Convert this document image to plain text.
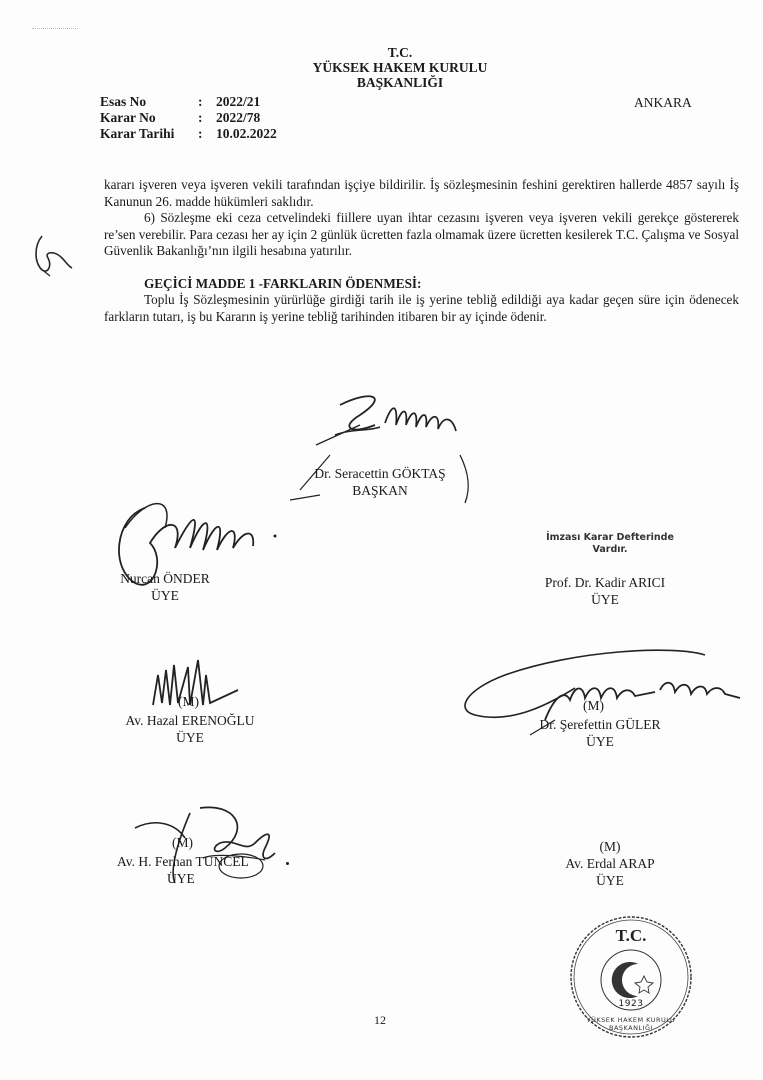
T.C.
YÜKSEK HAKEM KURULU
BAŞKANLIĞI
ANKARA
Esas No	: 2022/21
Karar No	: 2022/78
Karar Tarihi : 10.02.2022

kararı işveren veya işveren vekili tarafından işçiye bildirilir. İş sözleşmesinin feshini gerektiren hallerde 4857 sayılı İş Kanunun 26. madde hükümleri saklıdır.

6) Sözleşme eki ceza cetvelindeki fiillere uyan ihtar cezasını işveren veya işveren vekili gerekçe göstererek re’sen verebilir. Para cezası her ay için 2 günlük ücretten fazla olmamak üzere ücretten kesilerek T.C. Çalışma ve Sosyal Güvenlik Bakanlığı’nın ilgili hesabına yatırılır.

GEÇİCİ MADDE 1 -FARKLARIN ÖDENMESİ:

Toplu İş Sözleşmesinin yürürlüğe girdiği tarih ile iş yerine tebliğ edildiği aya kadar geçen süre için ödenecek farkların tutarı, iş bu Kararın iş yerine tebliğ tarihinden itibaren bir ay içinde ödenir.

Dr. Seracettin GÖKTAŞ
BAŞKAN
Nurcan ÖNDER
ÜYE
İmzası Karar Defterinde Vardır.
Prof. Dr. Kadir ARICI
ÜYE
(M)
Av. Hazal ERENOĞLU
ÜYE
(M)
Dr. Şerefettin GÜLER
ÜYE
(M)
Av. H. Ferhan TUNCEL
ÜYE
(M)
Av. Erdal ARAP
ÜYE
T.C.
1923
YÜKSEK HAKEM KURULU BAŞKANLIĞI
12
